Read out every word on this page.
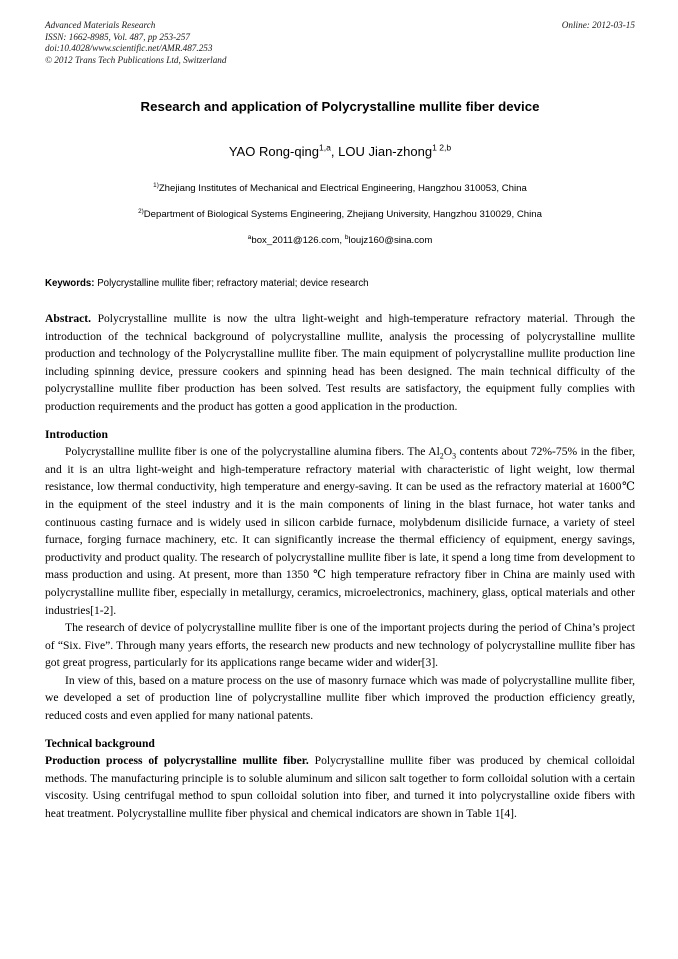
Advanced Materials Research
ISSN: 1662-8985, Vol. 487, pp 253-257
doi:10.4028/www.scientific.net/AMR.487.253
© 2012 Trans Tech Publications Ltd, Switzerland
Online: 2012-03-15
Research and application of Polycrystalline mullite fiber device
YAO Rong-qing$^{1,a}$, LOU Jian-zhong$^{1 2,b}$
$^{1)}$Zhejiang Institutes of Mechanical and Electrical Engineering, Hangzhou 310053, China
$^{2)}$Department of Biological Systems Engineering, Zhejiang University, Hangzhou 310029, China
$^a$box_2011@126.com, $^b$loujz160@sina.com
Keywords: Polycrystalline mullite fiber; refractory material; device research
Abstract. Polycrystalline mullite is now the ultra light-weight and high-temperature refractory material. Through the introduction of the technical background of polycrystalline mullite, analysis the processing of polycrystalline mullite production and technology of the Polycrystalline mullite fiber. The main equipment of polycrystalline mullite production line including spinning device, pressure cookers and spinning head has been designed. The main technical difficulty of the polycrystalline mullite fiber production has been solved. Test results are satisfactory, the equipment fully complies with production requirements and the product has gotten a good application in the production.
Introduction

Polycrystalline mullite fiber is one of the polycrystalline alumina fibers. The $Al_2O_3$ contents about 72%-75% in the fiber, and it is an ultra light-weight and high-temperature refractory material with characteristic of light weight, low thermal resistance, low thermal conductivity, high temperature and energy-saving. It can be used as the refractory material at 1600℃ in the equipment of the steel industry and it is the main components of lining in the blast furnace, hot water tanks and continuous casting furnace and is widely used in silicon carbide furnace, molybdenum disilicide furnace, a variety of steel furnace, forging furnace machinery, etc. It can significantly increase the thermal efficiency of equipment, energy savings, productivity and product quality. The research of polycrystalline mullite fiber is late, it spend a long time from development to mass production and using. At present, more than 1350 ℃ high temperature refractory fiber in China are mainly used with polycrystalline mullite fiber, especially in metallurgy, ceramics, microelectronics, machinery, glass, optical materials and other industries[1-2].

The research of device of polycrystalline mullite fiber is one of the important projects during the period of China’s project of “Six. Five”. Through many years efforts, the research new products and new technology of polycrystalline mullite fiber has got great progress, particularly for its applications range became wider and wider[3].

In view of this, based on a mature process on the use of masonry furnace which was made of polycrystalline mullite fiber, we developed a set of production line of polycrystalline mullite fiber which improved the production efficiency greatly, reduced costs and even applied for many national patents.

Technical background

Production process of polycrystalline mullite fiber. Polycrystalline mullite fiber was produced by chemical colloidal methods. The manufacturing principle is to soluble aluminum and silicon salt together to form colloidal solution with a certain viscosity. Using centrifugal method to spun colloidal solution into fiber, and turned it into polycrystalline oxide fibers with heat treatment. Polycrystalline mullite fiber physical and chemical indicators are shown in Table 1[4].
